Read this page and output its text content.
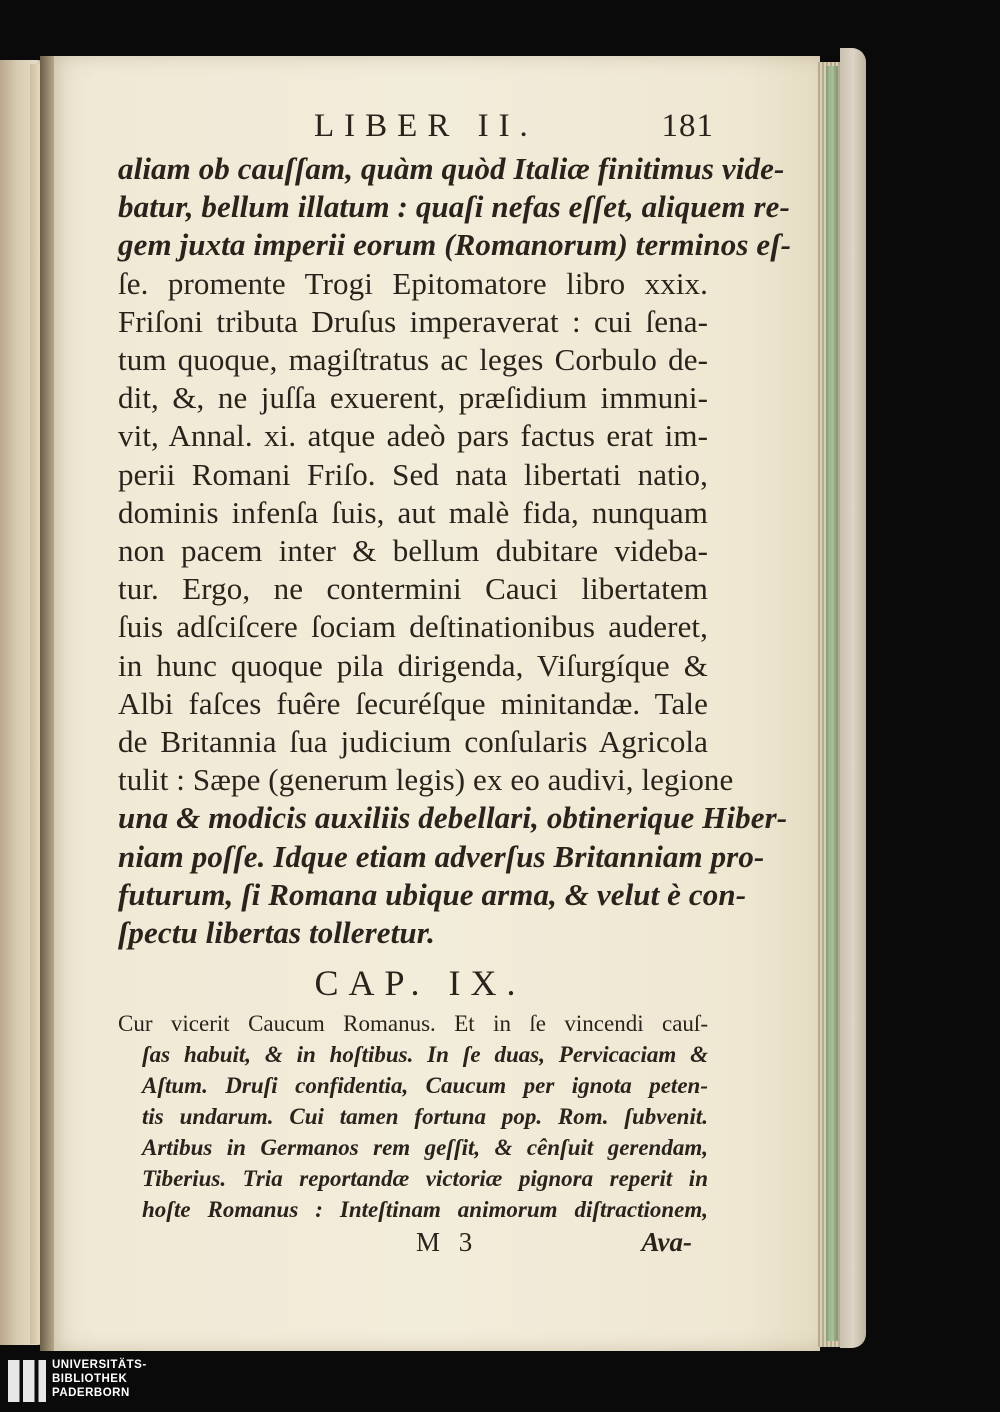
LIBER II.	181
aliam ob cauſſam, quàm quòd Italiæ finitimus vide-
batur, bellum illatum : quaſi nefas eſſet, aliquem re-
gem juxta imperii eorum (Romanorum) terminos eſ-
ſe. promente Trogi Epitomatore libro xxix.
Friſoni tributa Druſus imperaverat : cui ſena-
tum quoque, magiſtratus ac leges Corbulo de-
dit, &, ne juſſa exuerent, præſidium immuni-
vit, Annal. xi. atque adeò pars factus erat im-
perii Romani Friſo. Sed nata libertati natio,
dominis infenſa ſuis, aut malè fida, nunquam
non pacem inter & bellum dubitare videba-
tur. Ergo, ne contermini Cauci libertatem
ſuis adſciſcere ſociam deſtinationibus auderet,
in hunc quoque pila dirigenda, Viſurgíque &
Albi faſces fuêre ſecuréſque minitandæ. Tale
de Britannia ſua judicium conſularis Agricola
tulit : Sæpe (generum legis) ex eo audivi, legione
una & modicis auxiliis debellari, obtinerique Hiber-
niam poſſe. Idque etiam adverſus Britanniam pro-
futurum, ſi Romana ubique arma, & velut è con-
ſpectu libertas tolleretur.
CAP. IX.
Cur vicerit Caucum Romanus. Et in ſe vincendi cauſ-
ſas habuit, & in hoſtibus. In ſe duas, Pervicaciam &
Aſtum. Druſi confidentia, Caucum per ignota peten-
tis undarum. Cui tamen fortuna pop. Rom. ſubvenit.
Artibus in Germanos rem geſſit, & cênſuit gerendam,
Tiberius. Tria reportandæ victoriæ pignora reperit in
hoſte Romanus : Inteſtinam animorum diſtractionem,
M 3	Ava-
UNIVERSITÄTS-
BIBLIOTHEK
PADERBORN
